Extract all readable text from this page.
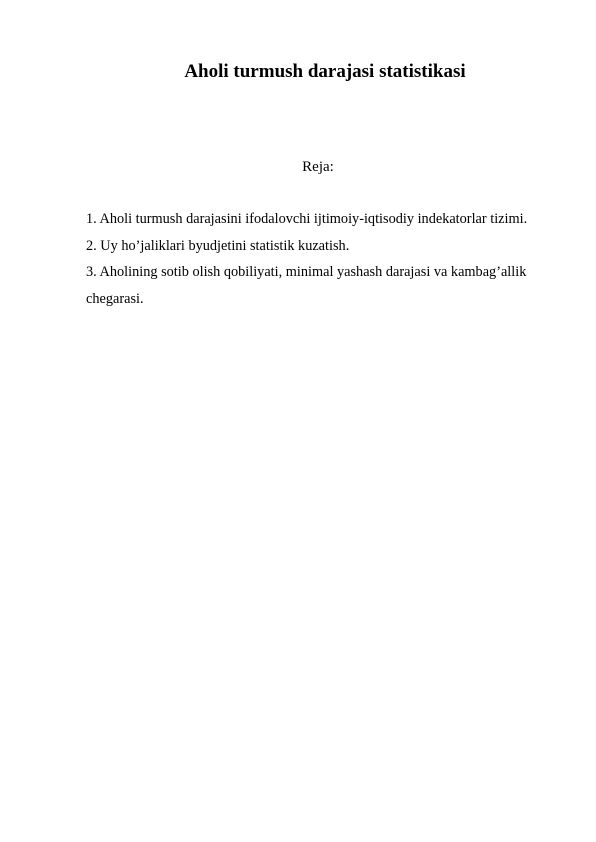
Aholi turmush darajasi statistikasi
Reja:

1. Aholi turmush darajasini ifodalovchi ijtimoiy-iqtisodiy indekatorlar tizimi.

2. Uy ho’jaliklari byudjetini statistik kuzatish.

3. Aholining sotib olish qobiliyati, minimal yashash darajasi va kambag’allik chegarasi.
